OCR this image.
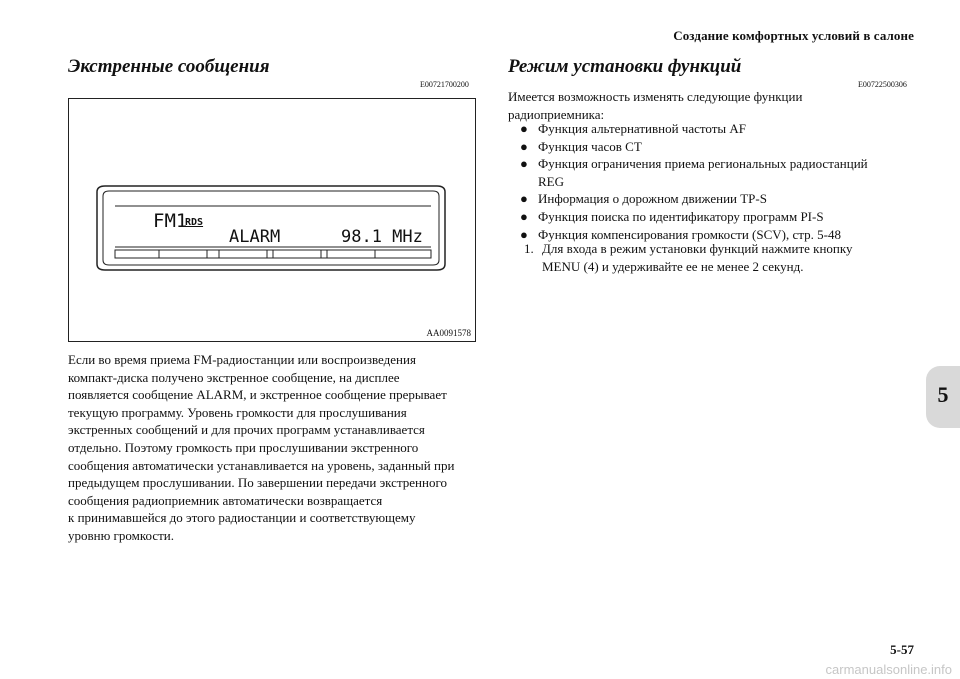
Создание комфортных условий в салоне
Экстренные сообщения
E00721700200
FM1
RDS
ALARM	98.1 MHz
AA0091578
Если во время приема FM-радиостанции или воспроизведения
компакт-диска получено экстренное сообщение, на дисплее
появляется сообщение ALARM, и экстренное сообщение прерывает
текущую программу. Уровень громкости для прослушивания
экстренных сообщений и для прочих программ устанавливается
отдельно. Поэтому громкость при прослушивании экстренного
сообщения автоматически устанавливается на уровень, заданный при
предыдущем прослушивании. По завершении передачи экстренного
сообщения радиоприемник автоматически возвращается
к принимавшейся до этого радиостанции и соответствующему
уровню громкости.
Режим установки функций
E00722500306
Имеется возможность изменять следующие функции
радиоприемника:
● Функция альтернативной частоты AF
● Функция часов CT
● Функция ограничения приема региональных радиостанций
REG
● Информация о дорожном движении TP-S
● Функция поиска по идентификатору программ PI-S
● Функция компенсирования громкости (SCV), стр. 5-48
1. Для входа в режим установки функций нажмите кнопку
MENU (4) и удерживайте ее не менее 2 секунд.
5
5-57
carmanualsonline.info
